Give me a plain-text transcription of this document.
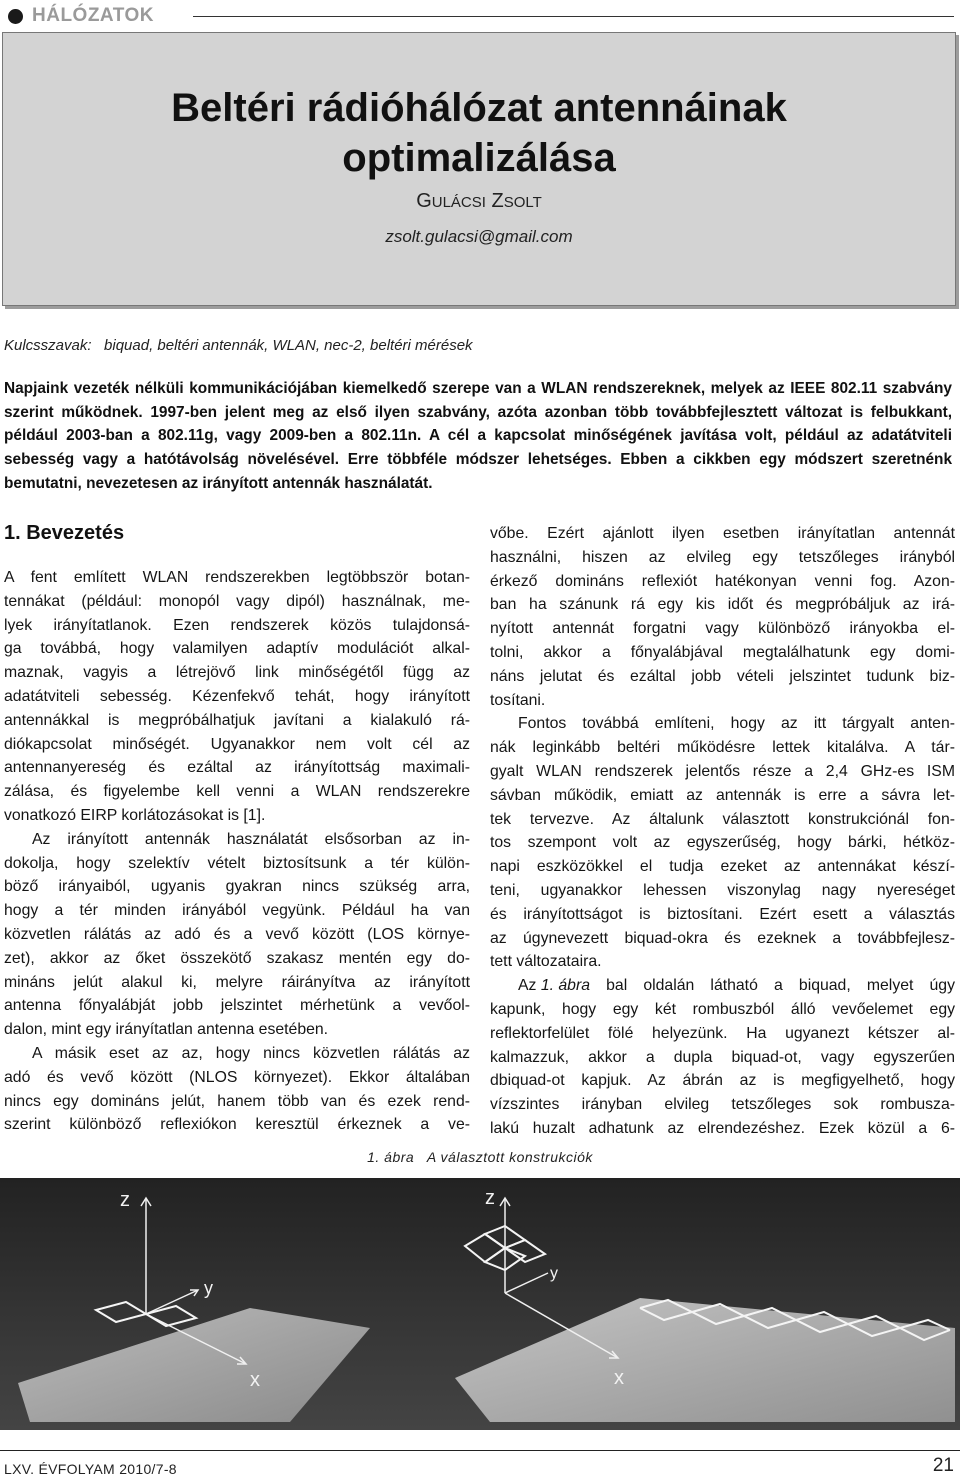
HÁLÓZATOK
Beltéri rádióhálózat antennáinak
optimalizálása
GULÁCSI ZSOLT
zsolt.gulacsi@gmail.com
Kulcsszavak:   biquad, beltéri antennák, WLAN, nec-2, beltéri mérések
Napjaink vezeték nélküli kommunikációjában kiemelkedő szerepe van a WLAN rendszereknek, melyek az IEEE 802.11 szabvány
szerint működnek. 1997-ben jelent meg az első ilyen szabvány, azóta azonban több továbbfejlesztett változat is felbukkant,
például 2003-ban a 802.11g, vagy 2009-ben a 802.11n. A cél a kapcsolat minőségének javítása volt, például az adatátviteli
sebesség vagy a hatótávolság növelésével. Erre többféle módszer lehetséges. Ebben a cikkben egy módszert szeretnénk
bemutatni, nevezetesen az irányított antennák használatát.
1. Bevezetés
A fent említett WLAN rendszerekben legtöbbször botan-
tennákat (például: monopól vagy dipól) használnak, me-
lyek irányítatlanok. Ezen rendszerek közös tulajdonsá-
ga továbbá, hogy valamilyen adaptív modulációt alkal-
maznak, vagyis a létrejövő link minőségétől függ az
adatátviteli sebesség. Kézenfekvő tehát, hogy irányított
antennákkal is megpróbálhatjuk javítani a kialakuló rá-
diókapcsolat minőségét. Ugyanakkor nem volt cél az
antennanyereség és ezáltal az irányítottság maximali-
zálása, és figyelembe kell venni a WLAN rendszerekre
vonatkozó EIRP korlátozásokat is [1].
Az irányított antennák használatát elsősorban az in-
dokolja, hogy szelektív vételt biztosítsunk a tér külön-
böző irányaiból, ugyanis gyakran nincs szükség arra,
hogy a tér minden irányából vegyünk. Például ha van
közvetlen rálátás az adó és a vevő között (LOS környe-
zet), akkor az őket összekötő szakasz mentén egy do-
mináns jelút alakul ki, melyre ráirányítva az irányított
antenna főnyalábját jobb jelszintet mérhetünk a vevőol-
dalon, mint egy irányítatlan antenna esetében.
A másik eset az az, hogy nincs közvetlen rálátás az
adó és vevő között (NLOS környezet). Ekkor általában
nincs egy domináns jelút, hanem több van és ezek rend-
szerint különböző reflexiókon keresztül érkeznek a ve-
vőbe. Ezért ajánlott ilyen esetben irányítatlan antennát
használni, hiszen az elvileg egy tetszőleges irányból
érkező domináns reflexiót hatékonyan venni fog. Azon-
ban ha szánunk rá egy kis időt és megpróbáljuk az irá-
nyított antennát forgatni vagy különböző irányokba el-
tolni, akkor a főnyalábjával megtalálhatunk egy domi-
náns jelutat és ezáltal jobb vételi jelszintet tudunk biz-
tosítani.
Fontos továbbá említeni, hogy az itt tárgyalt anten-
nák leginkább beltéri működésre lettek kitalálva. A tár-
gyalt WLAN rendszerek jelentős része a 2,4 GHz-es ISM
sávban működik, emiatt az antennák is erre a sávra let-
tek tervezve. Az általunk választott konstrukciónál fon-
tos szempont volt az egyszerűség, hogy bárki, hétköz-
napi eszközökkel el tudja ezeket az antennákat készí-
teni, ugyanakkor lehessen viszonylag nagy nyereséget
és irányítottságot is biztosítani. Ezért esett a választás
az úgynevezett biquad-okra és ezeknek a továbbfejlesz-
tett változataira.
Az 1. ábra bal oldalán látható a biquad, melyet úgy
kapunk, hogy egy két rombuszból álló vevőelemet egy
reflektorfelület fölé helyezünk. Ha ugyanezt kétszer al-
kalmazzuk, akkor a dupla biquad-ot, vagy egyszerűen
dbiquad-ot kapjuk. Az ábrán az is megfigyelhető, hogy
vízszintes irányban elvileg tetszőleges sok rombusza-
lakú huzalt adhatunk az elrendezéshez. Ezek közül a 6-
1. ábra   A választott konstrukciók
z
x
y
z
y
x
LXV. ÉVFOLYAM 2010/7-8	21
